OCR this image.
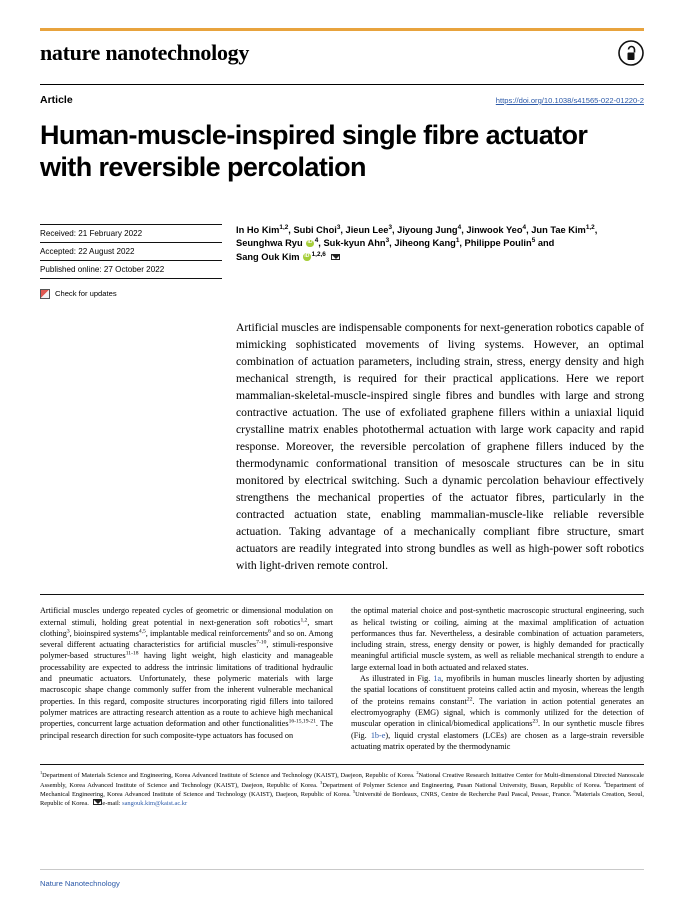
nature nanotechnology
Article	https://doi.org/10.1038/s41565-022-01220-2
Human-muscle-inspired single fibre actuator with reversible percolation
Received: 21 February 2022
Accepted: 22 August 2022
Published online: 27 October 2022
Check for updates
In Ho Kim$^{1,2}$, Subi Choi$^3$, Jieun Lee$^3$, Jiyoung Jung$^4$, Jinwook Yeo$^4$, Jun Tae Kim$^{1,2}$,
Seunghwa Ryu $iD^4$, Suk-kyun Ahn$^3$, Jiheong Kang$^1$, Philippe Poulin$^5$ and
Sang Ouk Kim iD$^{1,2,6}$
Artificial muscles are indispensable components for next-generation robotics capable of mimicking sophisticated movements of living systems. However, an optimal combination of actuation parameters, including strain, stress, energy density and high mechanical strength, is required for their practical applications. Here we report mammalian-skeletal-muscle-inspired single fibres and bundles with large and strong contractive actuation. The use of exfoliated graphene fillers within a uniaxial liquid crystalline matrix enables photothermal actuation with large work capacity and rapid response. Moreover, the reversible percolation of graphene fillers induced by the thermodynamic conformational transition of mesoscale structures can be in situ monitored by electrical switching. Such a dynamic percolation behaviour effectively strengthens the mechanical properties of the actuator fibres, particularly in the contracted actuation state, enabling mammalian-muscle-like reliable reversible actuation. Taking advantage of a mechanically compliant fibre structure, smart actuators are readily integrated into strong bundles as well as high-power soft robotics with light-driven remote control.

Artificial muscles undergo repeated cycles of geometric or dimensional modulation on external stimuli, holding great potential in next-generation soft robotics$^{1,2}$, smart clothing$^3$, bioinspired systems$^{4,5}$, implantable medical reinforcements$^6$ and so on. Among several different actuating characteristics for artificial muscles$^{7-10}$, stimuli-responsive polymer-based structures$^{11-18}$ having light weight, high elasticity and manageable processability are expected to address the intrinsic limitations of traditional hydraulic and pneumatic actuators. Unfortunately, these polymeric materials with large macroscopic shape change commonly suffer from the inherent vulnerable mechanical properties. In this regard, composite structures incorporating rigid fillers into tailored polymer matrices are attracting research attention as a route to achieve high mechanical properties, concurrent large actuation deformation and other functionalities$^{16-15,19-21}$. The principal research direction for such composite-type actuators has focused on

the optimal material choice and post-synthetic macroscopic structural engineering, such as helical twisting or coiling, aiming at the maximal amplification of actuation performances thus far. Nevertheless, a desirable combination of actuation parameters, including strain, stress, energy density or power, is highly demanded for practically meaningful artificial muscle system, as well as reliable mechanical strength to endure a large external load in both actuated and relaxed states.

As illustrated in Fig. 1a, myofibrils in human muscles linearly shorten by adjusting the spatial locations of constituent proteins called actin and myosin, whereas the length of the proteins remains constant$^{22}$. The variation in action potential generates an electromyography (EMG) signal, which is commonly utilized for the detection of muscular operation in clinical/biomedical applications$^{23}$. In our synthetic muscle fibres (Fig. 1b-e), liquid crystal elastomers (LCEs) are chosen as a large-strain reversible actuating matrix operated by the thermodynamic

$^1$Department of Materials Science and Engineering, Korea Advanced Institute of Science and Technology (KAIST), Daejeon, Republic of Korea. $^2$National Creative Research Initiative Center for Multi-dimensional Directed Nanoscale Assembly, Korea Advanced Institute of Science and Technology (KAIST), Daejeon, Republic of Korea. $^3$Department of Polymer Science and Engineering, Pusan National University, Busan, Republic of Korea. $^4$Department of Mechanical Engineering, Korea Advanced Institute of Science and Technology (KAIST), Daejeon, Republic of Korea. $^5$Université de Bordeaux, CNRS, Centre de Recherche Paul Pascal, Pessac, France. $^6$Materials Creation, Seoul, Republic of Korea. e-mail: sangouk.kim@kaist.ac.kr
Nature Nanotechnology
